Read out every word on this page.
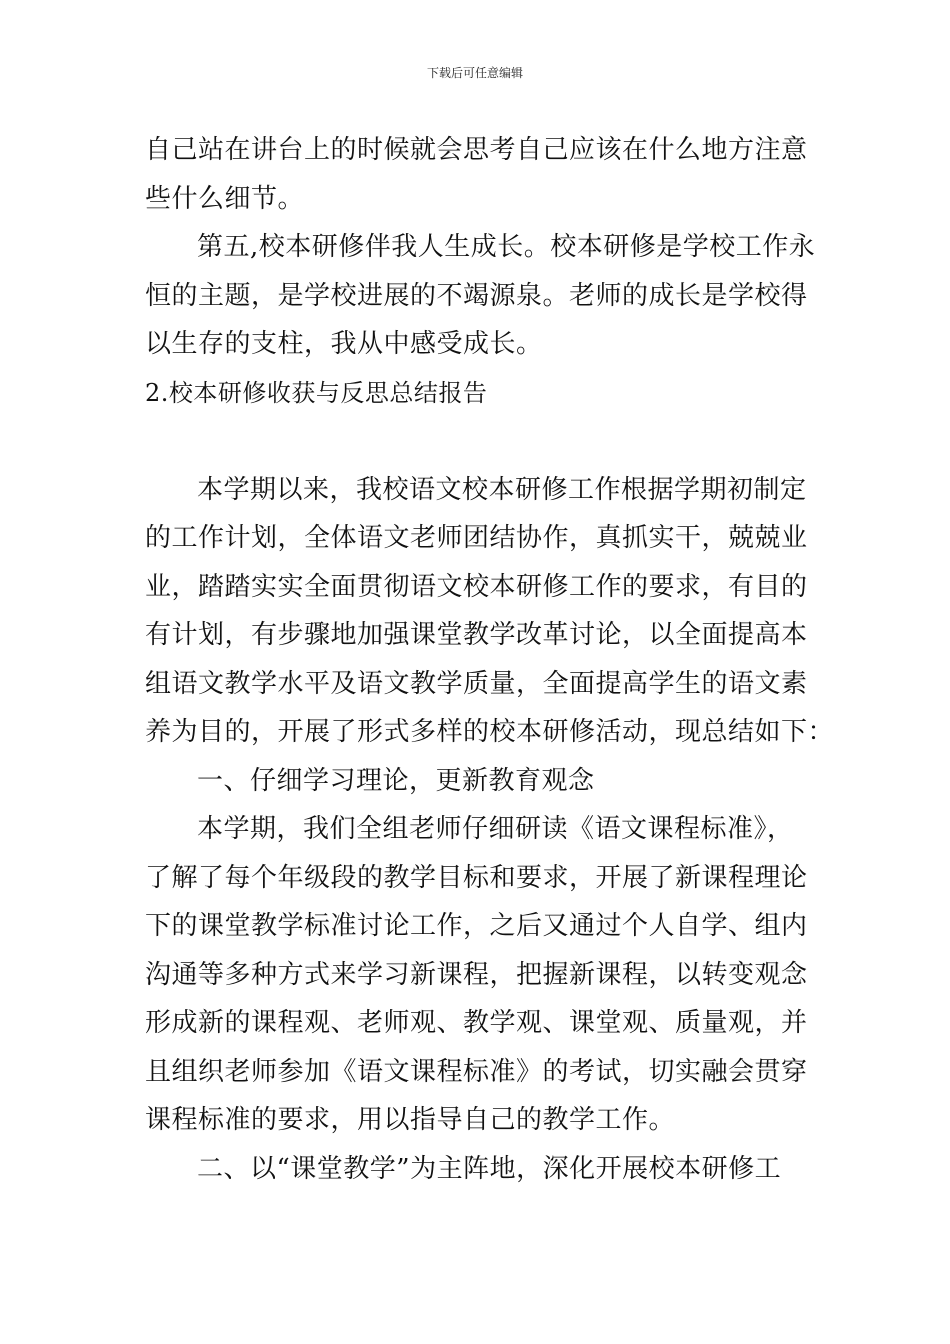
下载后可任意编辑
自己站在讲台上的时候就会思考自己应该在什么地方注意
些什么细节。
第五,校本研修伴我人生成长。校本研修是学校工作永
恒的主题，是学校进展的不竭源泉。老师的成长是学校得
以生存的支柱，我从中感受成长。
2.校本研修收获与反思总结报告
本学期以来，我校语文校本研修工作根据学期初制定
的工作计划，全体语文老师团结协作，真抓实干，兢兢业
业，踏踏实实全面贯彻语文校本研修工作的要求，有目的
有计划，有步骤地加强课堂教学改革讨论，以全面提高本
组语文教学水平及语文教学质量，全面提高学生的语文素
养为目的，开展了形式多样的校本研修活动，现总结如下：
一、仔细学习理论，更新教育观念
本学期，我们全组老师仔细研读《语文课程标准》，
了解了每个年级段的教学目标和要求，开展了新课程理论
下的课堂教学标准讨论工作，之后又通过个人自学、组内
沟通等多种方式来学习新课程，把握新课程，以转变观念
形成新的课程观、老师观、教学观、课堂观、质量观，并
且组织老师参加《语文课程标准》的考试，切实融会贯穿
课程标准的要求，用以指导自己的教学工作。
二、以“课堂教学”为主阵地，深化开展校本研修工
